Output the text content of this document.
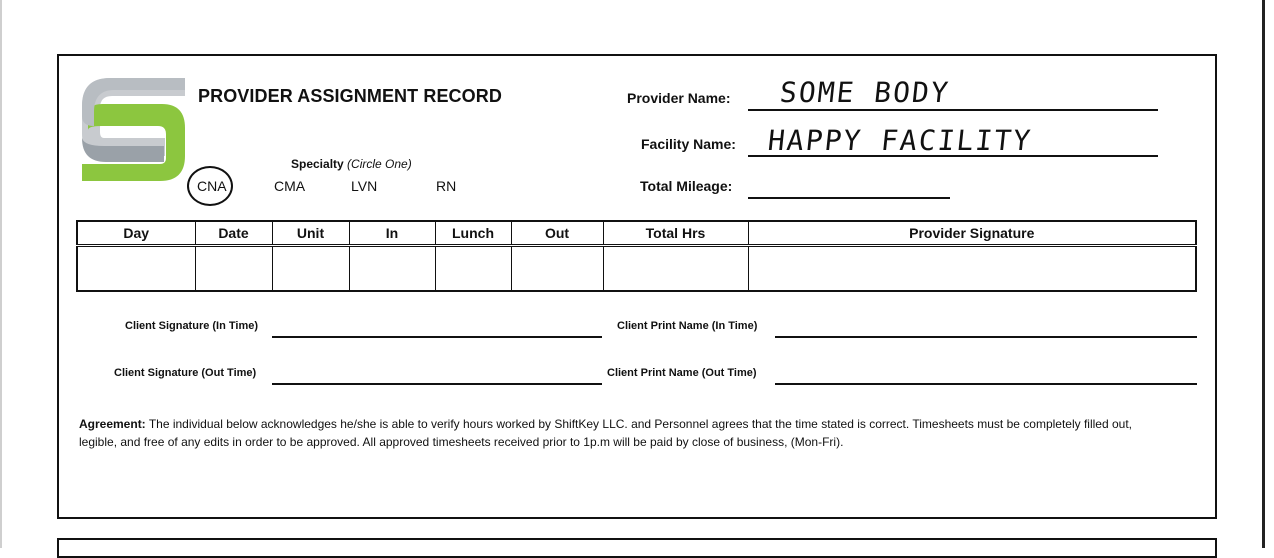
PROVIDER ASSIGNMENT RECORD	Provider Name: SOME BODY
Facility Name: HAPPY FACILITY
Total Mileage:
Specialty (Circle One)
CNA	CMA	LVN	RN
Day	Date	Unit	In	Lunch	Out	Total Hrs	Provider Signature

Client Signature (In Time)	Client Print Name (In Time)
Client Signature (Out Time)	Client Print Name (Out Time)
Agreement: The individual below acknowledges he/she is able to verify hours worked by ShiftKey LLC. and Personnel agrees that the time stated is correct. Timesheets must be completely filled out, legible, and free of any edits in order to be approved. All approved timesheets received prior to 1p.m will be paid by close of business, (Mon-Fri).
